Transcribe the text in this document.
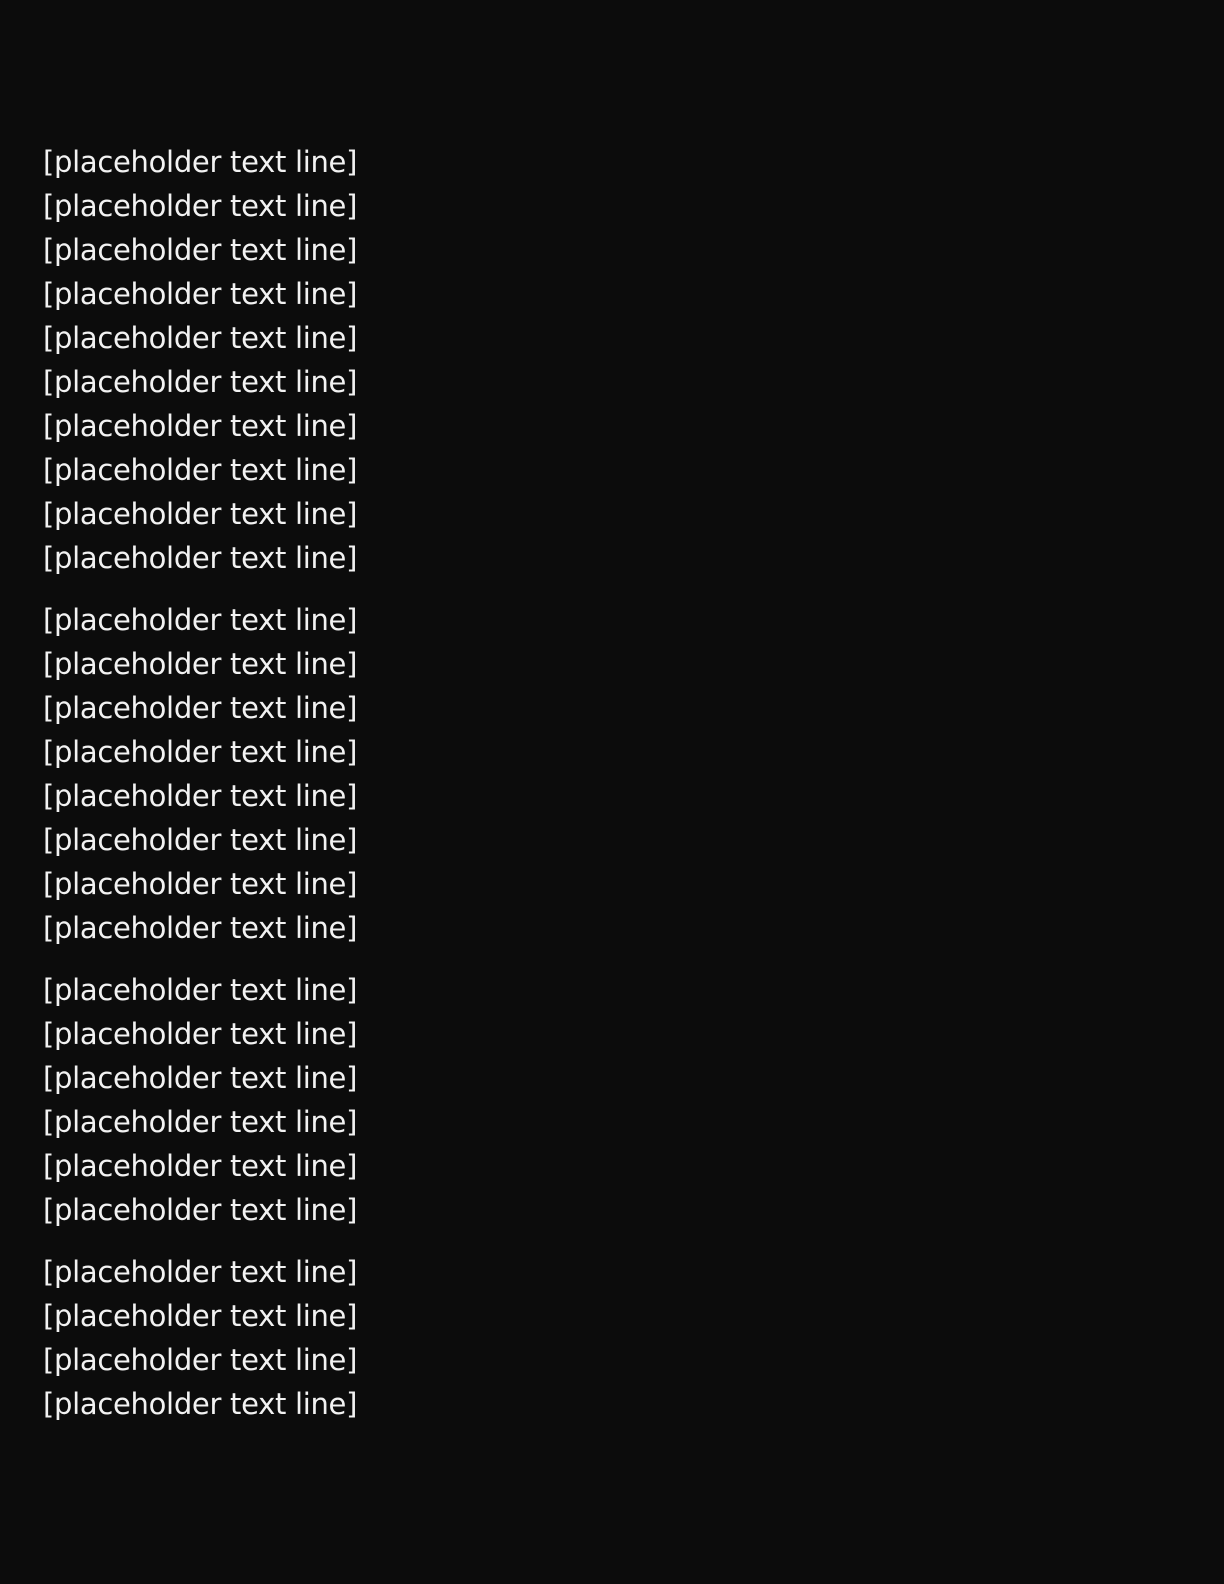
[placeholder text line]
[placeholder text line]
[placeholder text line]
[placeholder text line]
[placeholder text line]
[placeholder text line]
[placeholder text line]
[placeholder text line]
[placeholder text line]
[placeholder text line]

[placeholder text line]
[placeholder text line]
[placeholder text line]
[placeholder text line]
[placeholder text line]
[placeholder text line]
[placeholder text line]
[placeholder text line]

[placeholder text line]
[placeholder text line]
[placeholder text line]
[placeholder text line]
[placeholder text line]
[placeholder text line]

[placeholder text line]
[placeholder text line]
[placeholder text line]
[placeholder text line]
